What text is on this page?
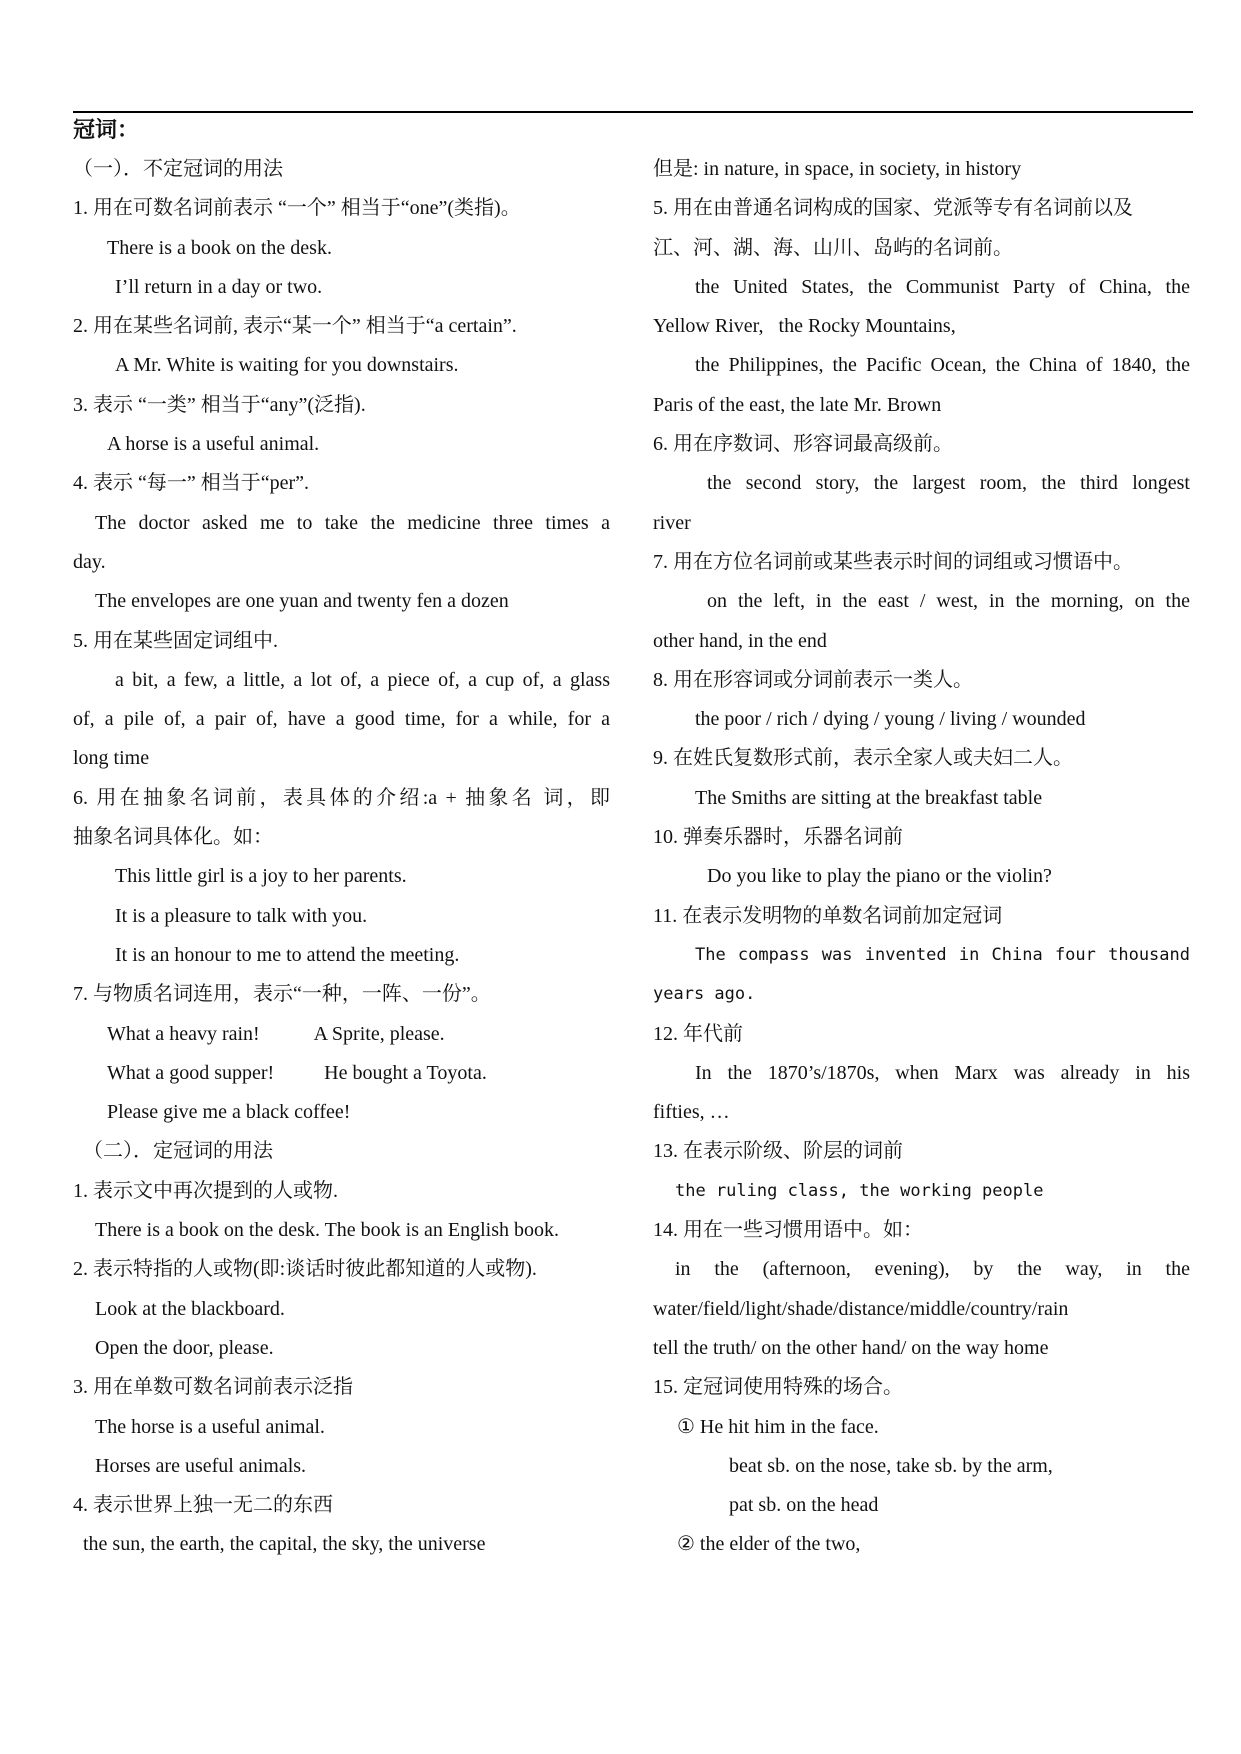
冠词：
（一）．不定冠词的用法
1. 用在可数名词前表示 “一个” 相当于“one”(类指)。
There is a book on the desk.
I’ll return in a day or two.
2. 用在某些名词前, 表示“某一个” 相当于“a certain”.
A Mr. White is waiting for you downstairs.
3. 表示 “一类” 相当于“any”(泛指).
A horse is a useful animal.
4. 表示 “每一” 相当于“per”.
The doctor asked me to take the medicine three times a
day.
The envelopes are one yuan and twenty fen a dozen
5. 用在某些固定词组中.
a bit, a few, a little, a lot of, a piece of, a cup of, a glass
of, a pile of, a pair of, have a good time, for a while, for a
long time
6. 用在抽象名词前，表具体的介绍:a + 抽象名 词，即
抽象名词具体化。如：
This little girl is a joy to her parents.
It is a pleasure to talk with you.
It is an honour to me to attend the meeting.
7. 与物质名词连用，表示“一种，一阵、一份”。
What a heavy rain!           A Sprite, please.
What a good supper!          He bought a Toyota.
Please give me a black coffee!
（二）．定冠词的用法
1. 表示文中再次提到的人或物.
There is a book on the desk. The book is an English book.
2. 表示特指的人或物(即:谈话时彼此都知道的人或物).
Look at the blackboard.
Open the door, please.
3. 用在单数可数名词前表示泛指
The horse is a useful animal.
Horses are useful animals.
4. 表示世界上独一无二的东西
the sun, the earth, the capital, the sky, the universe
但是: in nature, in space, in society, in history
5. 用在由普通名词构成的国家、党派等专有名词前以及
江、河、湖、海、山川、岛屿的名词前。
the United States, the Communist Party of China, the
Yellow River,   the Rocky Mountains,
the Philippines, the Pacific Ocean, the China of 1840, the
Paris of the east, the late Mr. Brown
6. 用在序数词、形容词最高级前。
the second story, the largest room, the third longest
river
7. 用在方位名词前或某些表示时间的词组或习惯语中。
on the left, in the east / west, in the morning, on the
other hand, in the end
8. 用在形容词或分词前表示一类人。
the poor / rich / dying / young / living / wounded
9. 在姓氏复数形式前，表示全家人或夫妇二人。
The Smiths are sitting at the breakfast table
10. 弹奏乐器时，乐器名词前
Do you like to play the piano or the violin?
11. 在表示发明物的单数名词前加定冠词
The compass was invented in China four thousand
years ago.
12. 年代前
In the 1870’s/1870s, when Marx was already in his
fifties, …
13. 在表示阶级、阶层的词前
the ruling class, the working people
14. 用在一些习惯用语中。如：
in the (afternoon, evening), by the way, in the
water/field/light/shade/distance/middle/country/rain
tell the truth/ on the other hand/ on the way home
15. 定冠词使用特殊的场合。
① He hit him in the face.
beat sb. on the nose, take sb. by the arm,
pat sb. on the head
② the elder of the two,
